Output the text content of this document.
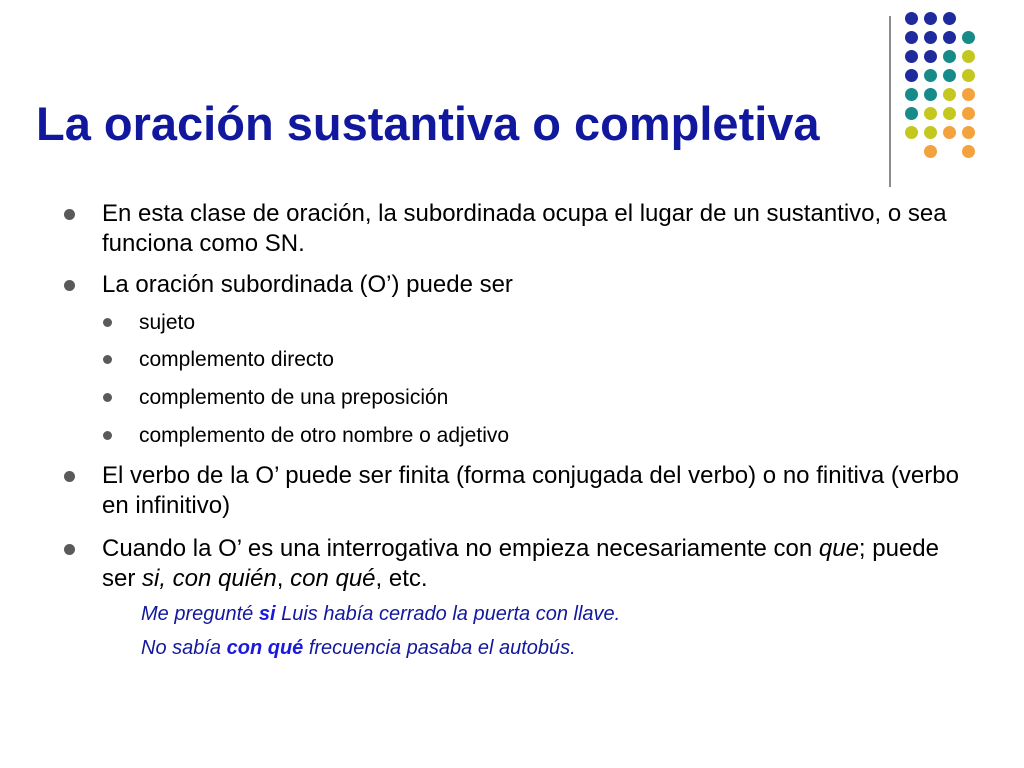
La oración sustantiva o completiva
En esta clase de oración, la subordinada ocupa el lugar de un sustantivo, o sea funciona como SN.
La oración subordinada (O’) puede ser
sujeto
complemento directo
complemento de una preposición
complemento de otro nombre o adjetivo
El verbo de la O’ puede ser finita (forma conjugada del verbo) o no finitiva (verbo en infinitivo)
Cuando la O’ es una interrogativa no empieza necesariamente con que; puede ser si, con quién, con qué, etc.
Me pregunté si Luis había cerrado la puerta con llave.
No sabía con qué frecuencia pasaba el autobús.
